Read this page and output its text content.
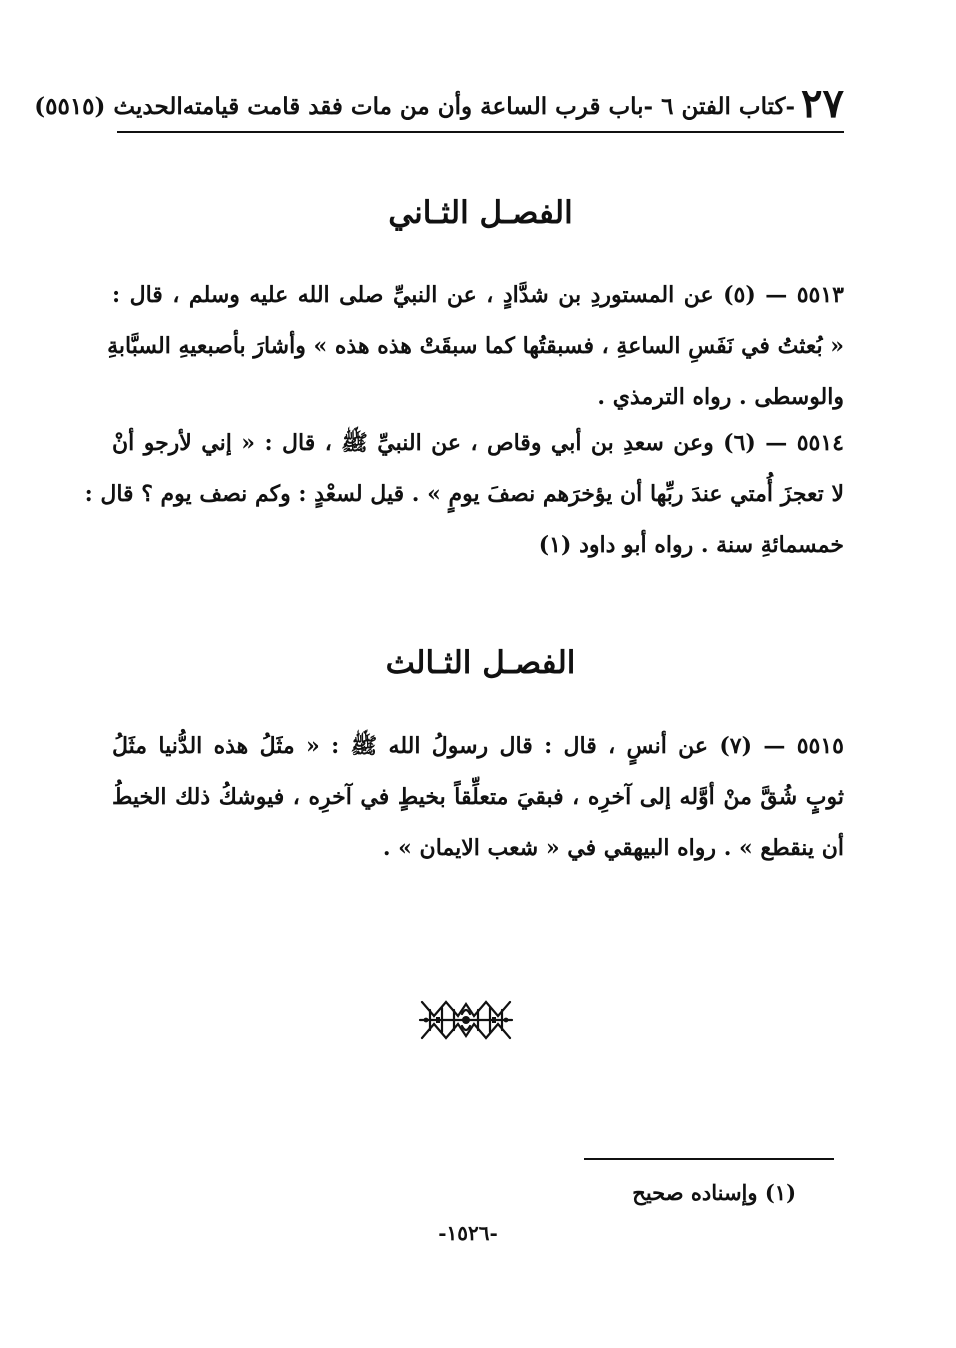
٢٧
-كتاب الفتن ٦ -باب قرب الساعة وأن من مات فقد قامت قيامته
الحديث (٥٥١٥)
الفصـل الثـاني
٥٥١٣ — (٥) عن المستوردِ بن شدَّادٍ ، عن النبيِّ صلى الله عليه وسلم ، قال :
« بُعثتُ في نَفَسِ الساعةِ ، فسبقتُها كما سبقَتْ هذه هذه » وأشارَ بأصبعيهِ السبَّابةِ
والوسطى . رواه الترمذي .
٥٥١٤ — (٦) وعن سعدِ بن أبي وقاص ، عن النبيِّ ﷺ ، قال : « إني لأرجو أنْ
لا تعجزَ أُمتي عندَ ربِّها أن يؤخرَهم نصفَ يومٍ » . قيل لسعْدٍ : وكم نصف يوم ؟ قال :
خمسمائةِ سنة . رواه أبو داود (١)
الفصـل الثـالث
٥٥١٥ — (٧) عن أنسٍ ، قال : قال رسولُ الله ﷺ : « مثَلُ هذه الدُّنيا مثَلُ
ثوبٍ شُقَّ منْ أوَّله إلى آخرِه ، فبقيَ متعلِّقاً بخيطٍ في آخرِه ، فيوشكُ ذلك الخيطُ
أن ينقطع » . رواه البيهقي في « شعب الايمان » .
(١) وإسناده صحيح
-١٥٢٦-
